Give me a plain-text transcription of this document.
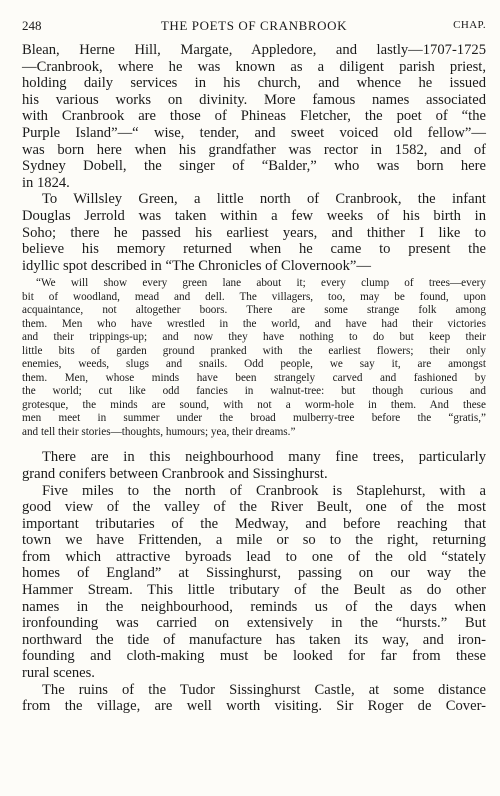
248	THE POETS OF CRANBROOK	CHAP.
Blean, Herne Hill, Margate, Appledore, and lastly—1707-1725
—Cranbrook, where he was known as a diligent parish priest,
holding daily services in his church, and whence he issued
his various works on divinity. More famous names associated
with Cranbrook are those of Phineas Fletcher, the poet of “the
Purple Island”—“ wise, tender, and sweet voiced old fellow”—
was born here when his grandfather was rector in 1582, and of
Sydney Dobell, the singer of “Balder,” who was born here
in 1824.
To Willsley Green, a little north of Cranbrook, the infant
Douglas Jerrold was taken within a few weeks of his birth in
Soho; there he passed his earliest years, and thither I like to
believe his memory returned when he came to present the
idyllic spot described in “The Chronicles of Clovernook”—
“We will show every green lane about it; every clump of trees—every
bit of woodland, mead and dell. The villagers, too, may be found, upon
acquaintance, not altogether boors. There are some strange folk among
them. Men who have wrestled in the world, and have had their victories
and their trippings-up; and now they have nothing to do but keep their
little bits of garden ground pranked with the earliest flowers; their only
enemies, weeds, slugs and snails. Odd people, we say it, are amongst
them. Men, whose minds have been strangely carved and fashioned by
the world; cut like odd fancies in walnut-tree: but though curious and
grotesque, the minds are sound, with not a worm-hole in them. And these
men meet in summer under the broad mulberry-tree before the “gratis,”
and tell their stories—thoughts, humours; yea, their dreams.”
There are in this neighbourhood many fine trees, particularly
grand conifers between Cranbrook and Sissinghurst.
Five miles to the north of Cranbrook is Staplehurst, with a
good view of the valley of the River Beult, one of the most
important tributaries of the Medway, and before reaching that
town we have Frittenden, a mile or so to the right, returning
from which attractive byroads lead to one of the old “stately
homes of England” at Sissinghurst, passing on our way the
Hammer Stream. This little tributary of the Beult as do other
names in the neighbourhood, reminds us of the days when
ironfounding was carried on extensively in the “hursts.” But
northward the tide of manufacture has taken its way, and iron-
founding and cloth-making must be looked for far from these
rural scenes.
The ruins of the Tudor Sissinghurst Castle, at some distance
from the village, are well worth visiting. Sir Roger de Cover-
